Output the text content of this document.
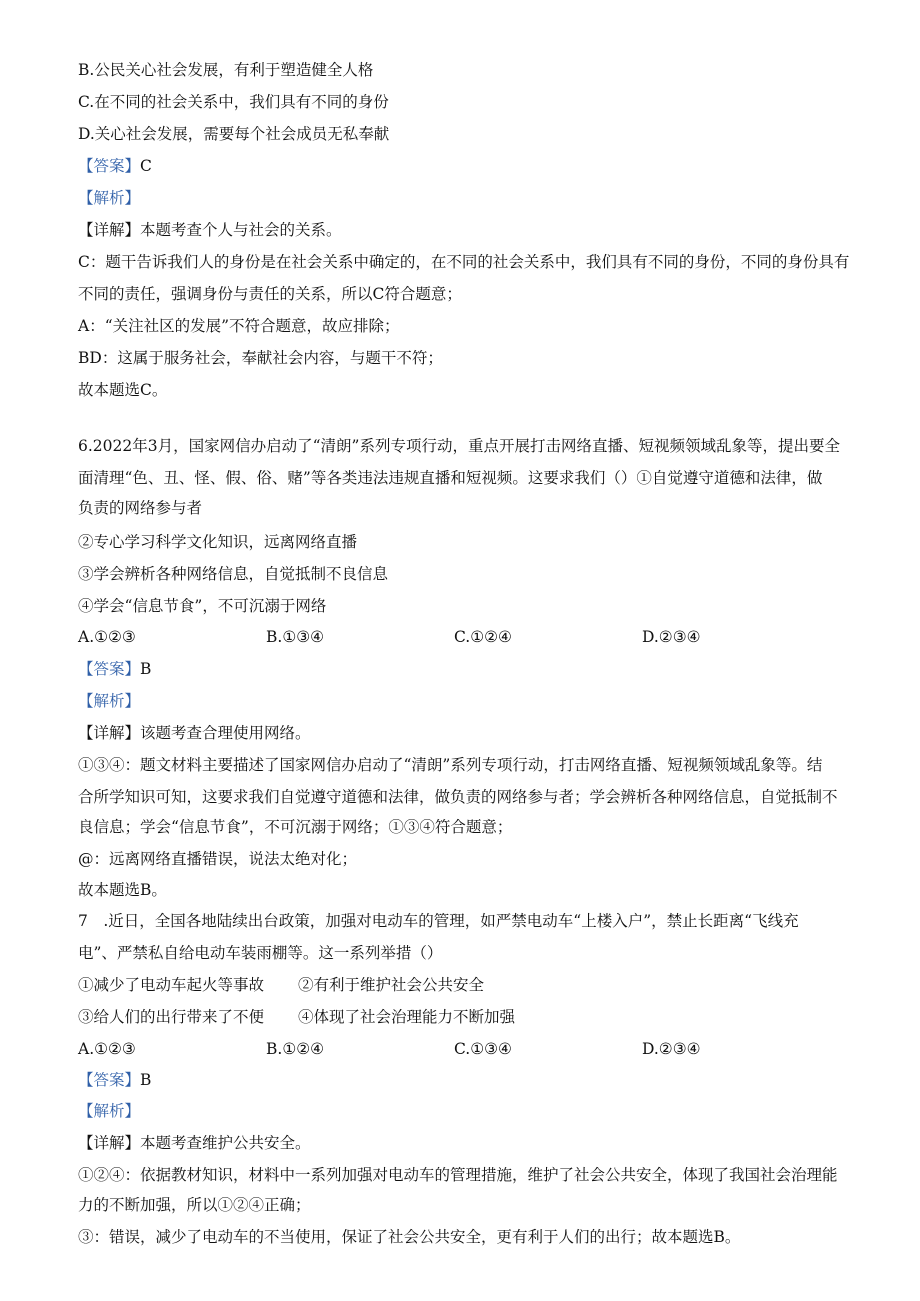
B.公民关心社会发展，有利于塑造健全人格
C.在不同的社会关系中，我们具有不同的身份
D.关心社会发展，需要每个社会成员无私奉献
【答案】C
【解析】
【详解】本题考查个人与社会的关系。
C：题干告诉我们人的身份是在社会关系中确定的，在不同的社会关系中，我们具有不同的身份，不同的身份具有
不同的责任，强调身份与责任的关系，所以C符合题意；
A：“关注社区的发展”不符合题意，故应排除；
BD：这属于服务社会，奉献社会内容，与题干不符；
故本题选C。
6.2022年3月，国家网信办启动了“清朗”系列专项行动，重点开展打击网络直播、短视频领域乱象等，提出要全
面清理“色、丑、怪、假、俗、赌”等各类违法违规直播和短视频。这要求我们（）①自觉遵守道德和法律，做
负责的网络参与者
②专心学习科学文化知识，远离网络直播
③学会辨析各种网络信息，自觉抵制不良信息
④学会“信息节食”，不可沉溺于网络
A.①②③	B.①③④	C.①②④	D.②③④
【答案】B
【解析】
【详解】该题考查合理使用网络。
①③④：题文材料主要描述了国家网信办启动了“清朗”系列专项行动，打击网络直播、短视频领域乱象等。结
合所学知识可知，这要求我们自觉遵守道德和法律，做负责的网络参与者；学会辨析各种网络信息，自觉抵制不
良信息；学会“信息节食”，不可沉溺于网络；①③④符合题意；
@：远离网络直播错误，说法太绝对化；
故本题选B。
7　.近日，全国各地陆续出台政策，加强对电动车的管理，如严禁电动车“上楼入户”，禁止长距离“飞线充
电”、严禁私自给电动车装雨棚等。这一系列举措（）
①减少了电动车起火等事故 ②有利于维护社会公共安全
③给人们的出行带来了不便 ④体现了社会治理能力不断加强
A.①②③	B.①②④	C.①③④	D.②③④
【答案】B
【解析】
【详解】本题考查维护公共安全。
①②④：依据教材知识，材料中一系列加强对电动车的管理措施，维护了社会公共安全，体现了我国社会治理能
力的不断加强，所以①②④正确；
③：错误，减少了电动车的不当使用，保证了社会公共安全，更有利于人们的出行；故本题选B。
